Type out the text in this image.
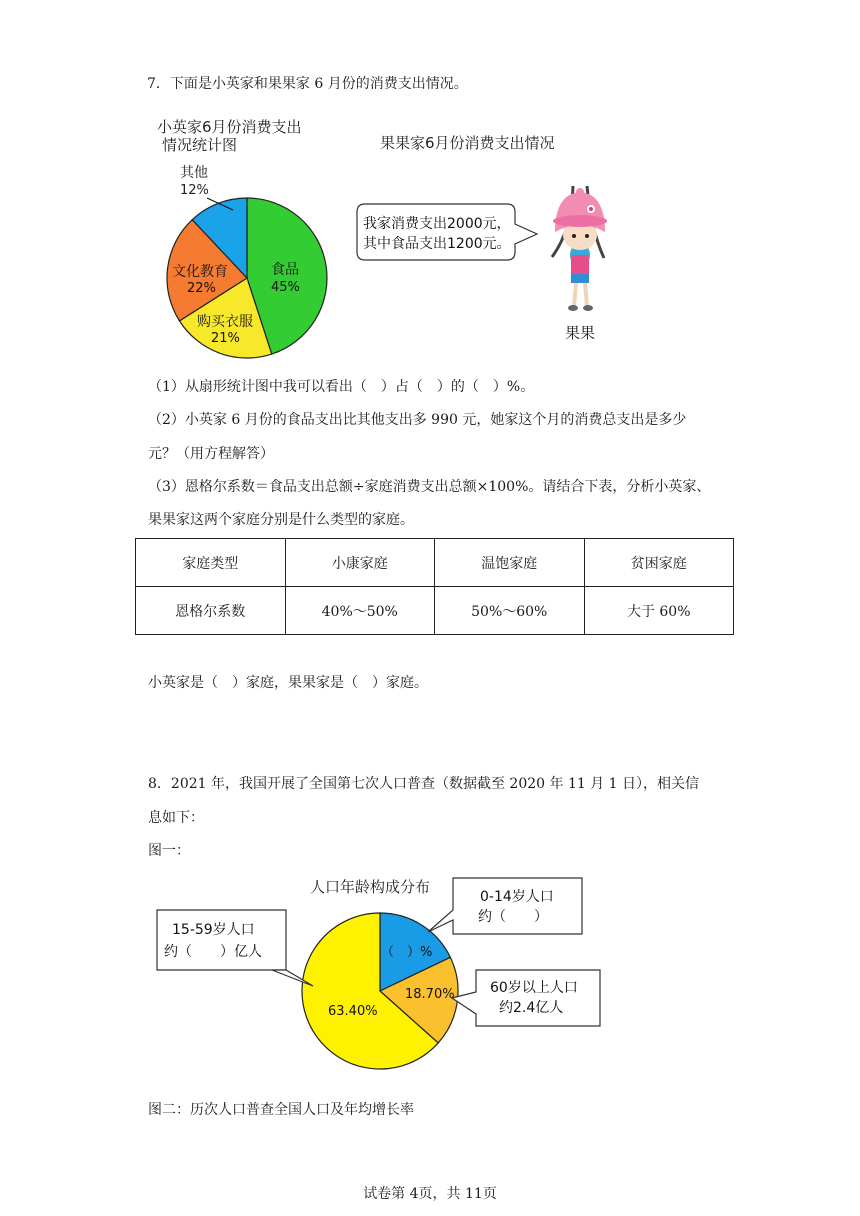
7．下面是小英家和果果家 6 月份的消费支出情况。
小英家6月份消费支出
情况统计图
其他
12%
食品
45%
文化教育
22%
购买衣服
21%
果果家6月份消费支出情况
我家消费支出2000元，
其中食品支出1200元。
果果
（1）从扇形统计图中我可以看出（　）占（　）的（　）%。
（2）小英家 6 月份的食品支出比其他支出多 990 元，她家这个月的消费总支出是多少
元？（用方程解答）
（3）恩格尔系数＝食品支出总额÷家庭消费支出总额×100%。请结合下表，分析小英家、
果果家这两个家庭分别是什么类型的家庭。
家庭类型	小康家庭	温饱家庭	贫困家庭
恩格尔系数	40%～50%	50%～60%	大于 60%
小英家是（　）家庭，果果家是（　）家庭。
8．2021 年，我国开展了全国第七次人口普查（数据截至 2020 年 11 月 1 日），相关信
息如下：
图一：
人口年龄构成分布
（　）%
18.70%
63.40%
0-14岁人口
约（　　）
15-59岁人口
约（　　）亿人
60岁以上人口
约2.4亿人
图二：历次人口普查全国人口及年均增长率
试卷第 4页，共 11页
